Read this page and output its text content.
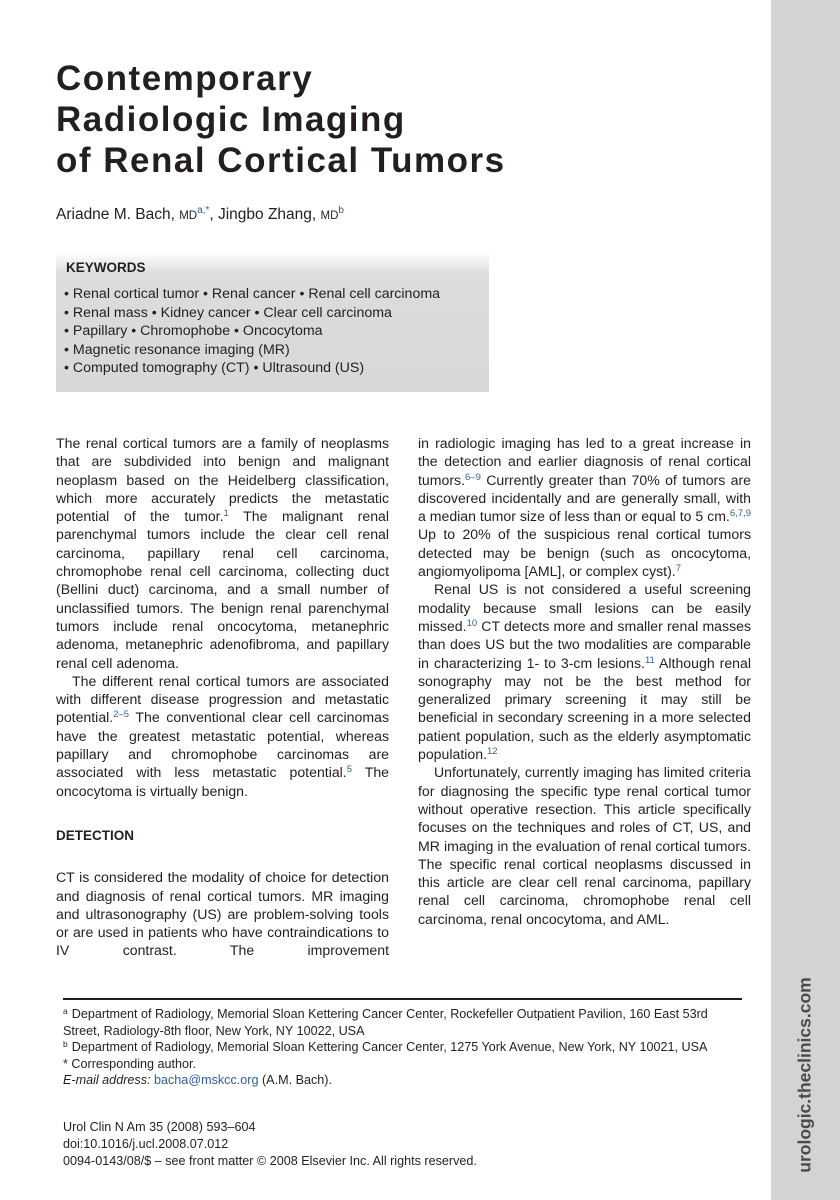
urologic.theclinics.com
Contemporary
Radiologic Imaging
of Renal Cortical Tumors
Ariadne M. Bach, $MD^{a,*}$, Jingbo Zhang, $MD^b$
KEYWORDS
• Renal cortical tumor • Renal cancer • Renal cell carcinoma
• Renal mass • Kidney cancer • Clear cell carcinoma
• Papillary • Chromophobe • Oncocytoma
• Magnetic resonance imaging (MR)
• Computed tomography (CT) • Ultrasound (US)

The renal cortical tumors are a family of neoplasms that are subdivided into benign and malignant neoplasm based on the Heidelberg classification, which more accurately predicts the metastatic potential of the tumor.$^1$ The malignant renal parenchymal tumors include the clear cell renal carcinoma, papillary renal cell carcinoma, chromophobe renal cell carcinoma, collecting duct (Bellini duct) carcinoma, and a small number of unclassified tumors. The benign renal parenchymal tumors include renal oncocytoma, metanephric adenoma, metanephric adenofibroma, and papillary renal cell adenoma.

The different renal cortical tumors are associated with different disease progression and metastatic potential.$^{2-5}$ The conventional clear cell carcinomas have the greatest metastatic potential, whereas papillary and chromophobe carcinomas are associated with less metastatic potential.$^5$ The oncocytoma is virtually benign.

DETECTION

CT is considered the modality of choice for detection and diagnosis of renal cortical tumors. MR imaging and ultrasonography (US) are problem-solving tools or are used in patients who have contraindications to IV contrast. The improvement

in radiologic imaging has led to a great increase in the detection and earlier diagnosis of renal cortical tumors.$^{6-9}$ Currently greater than 70% of tumors are discovered incidentally and are generally small, with a median tumor size of less than or equal to 5 cm.$^{6,7,9}$ Up to 20% of the suspicious renal cortical tumors detected may be benign (such as oncocytoma, angiomyolipoma [AML], or complex cyst).$^7$

Renal US is not considered a useful screening modality because small lesions can be easily missed.$^{10}$ CT detects more and smaller renal masses than does US but the two modalities are comparable in characterizing 1- to 3-cm lesions.$^{11}$ Although renal sonography may not be the best method for generalized primary screening it may still be beneficial in secondary screening in a more selected patient population, such as the elderly asymptomatic population.$^{12}$

Unfortunately, currently imaging has limited criteria for diagnosing the specific type renal cortical tumor without operative resection. This article specifically focuses on the techniques and roles of CT, US, and MR imaging in the evaluation of renal cortical tumors. The specific renal cortical neoplasms discussed in this article are clear cell renal carcinoma, papillary renal cell carcinoma, chromophobe renal cell carcinoma, renal oncocytoma, and AML.

$^a$ Department of Radiology, Memorial Sloan Kettering Cancer Center, Rockefeller Outpatient Pavilion, 160 East 53rd Street, Radiology-8th floor, New York, NY 10022, USA

$^b$ Department of Radiology, Memorial Sloan Kettering Cancer Center, 1275 York Avenue, New York, NY 10021, USA

* Corresponding author.

E-mail address: bacha@mskcc.org (A.M. Bach).

Urol Clin N Am 35 (2008) 593–604

doi:10.1016/j.ucl.2008.07.012

0094-0143/08/$ – see front matter © 2008 Elsevier Inc. All rights reserved.
